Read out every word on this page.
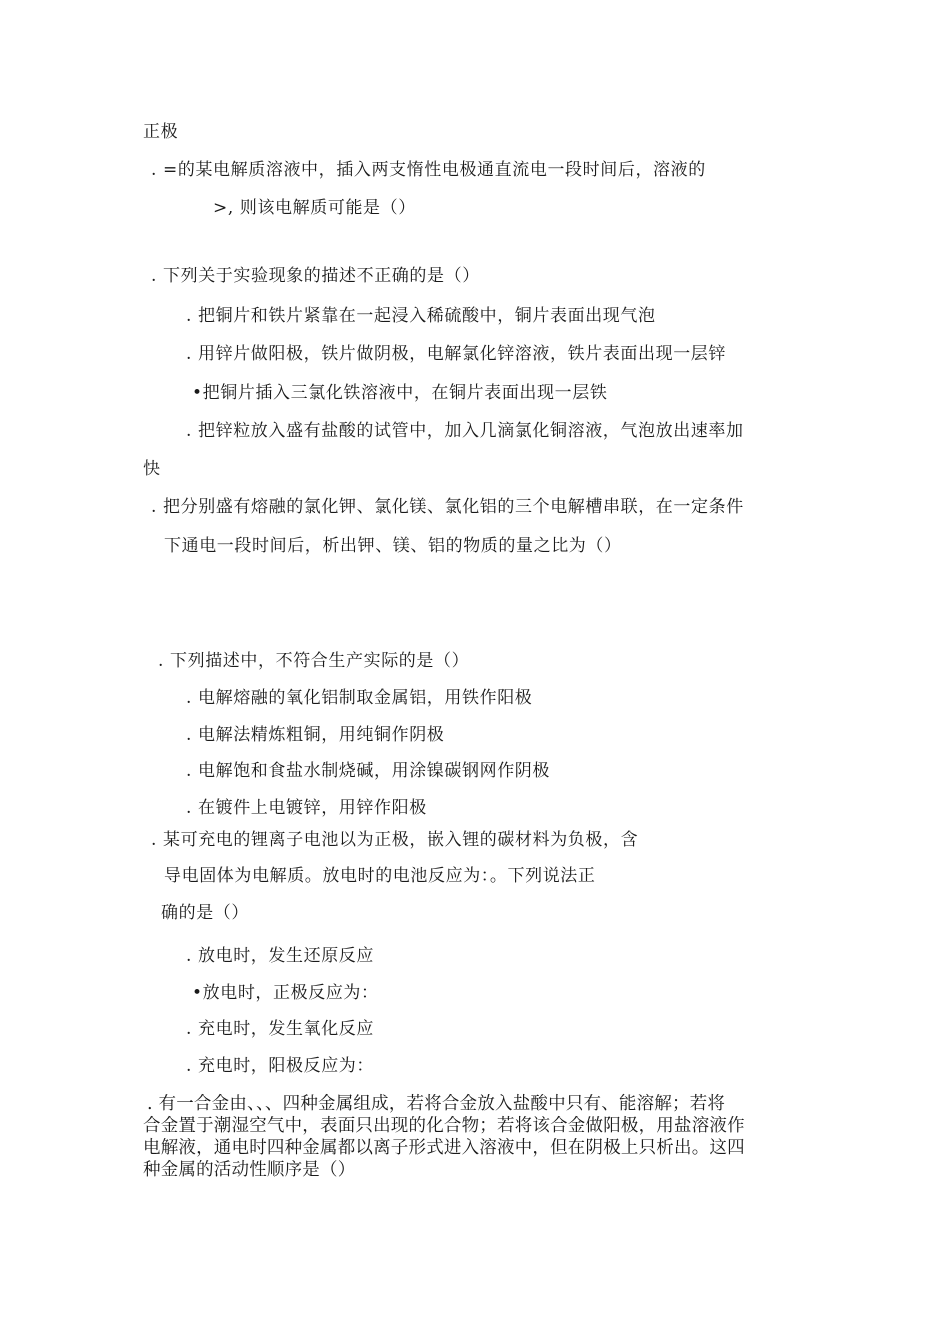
正极
. =的某电解质溶液中，插入两支惰性电极通直流电一段时间后，溶液的
>, 则该电解质可能是（）
. 下列关于实验现象的描述不正确的是（）
. 把铜片和铁片紧靠在一起浸入稀硫酸中，铜片表面出现气泡
. 用锌片做阳极，铁片做阴极，电解氯化锌溶液，铁片表面出现一层锌
•把铜片插入三氯化铁溶液中，在铜片表面出现一层铁
. 把锌粒放入盛有盐酸的试管中，加入几滴氯化铜溶液，气泡放出速率加
快
. 把分别盛有熔融的氯化钾、氯化镁、氯化铝的三个电解槽串联，在一定条件
下通电一段时间后，析出钾、镁、铝的物质的量之比为（）
. 下列描述中，不符合生产实际的是（）
. 电解熔融的氧化铝制取金属铝，用铁作阳极
. 电解法精炼粗铜，用纯铜作阴极
. 电解饱和食盐水制烧碱，用涂镍碳钢网作阴极
. 在镀件上电镀锌，用锌作阳极
. 某可充电的锂离子电池以为正极，嵌入锂的碳材料为负极，含
导电固体为电解质。放电时的电池反应为：。下列说法正
确的是（）
. 放电时，发生还原反应
•放电时，正极反应为：
. 充电时，发生氧化反应
. 充电时，阳极反应为：
. 有一合金由、、、四种金属组成，若将合金放入盐酸中只有、能溶解；若将
合金置于潮湿空气中，表面只出现的化合物；若将该合金做阳极，用盐溶液作
电解液，通电时四种金属都以离子形式进入溶液中，但在阴极上只析出。这四
种金属的活动性顺序是（）
